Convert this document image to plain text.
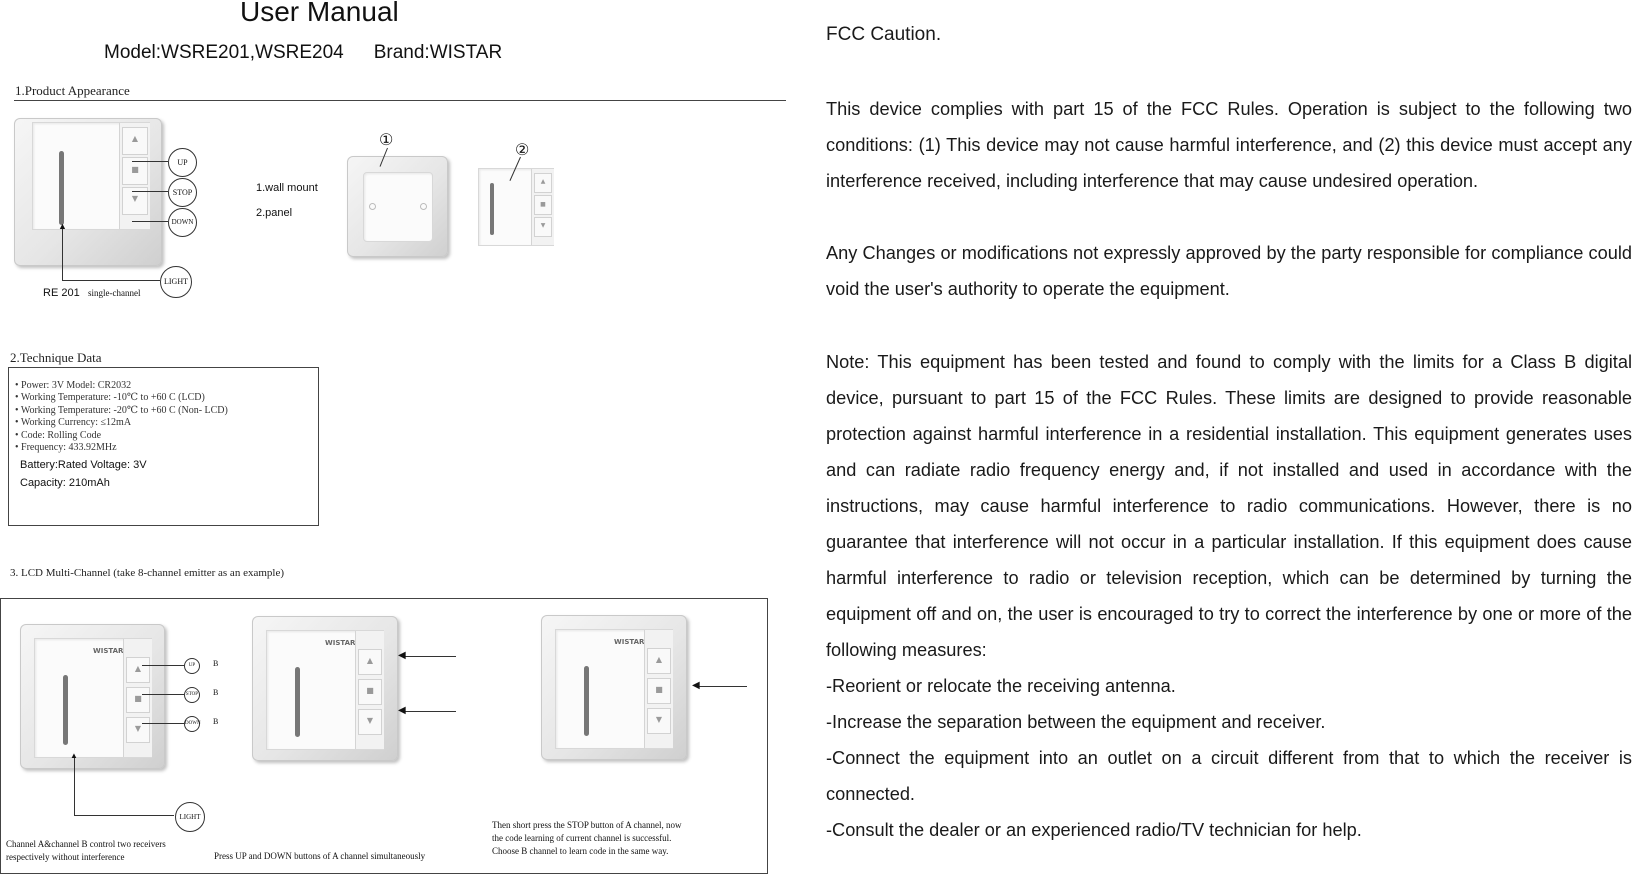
User Manual
Model:WSRE201,WSRE204 Brand:WISTAR
1.Product Appearance
▲
■
▼
▲
UP
STOP
DOWN
LIGHT
RE 201 single-channel
1.wall mount
2.panel
①
▲
■
▼
②
2.Technique Data
• Power: 3V Model: CR2032
• Working Temperature: -10℃ to +60 C (LCD)
• Working Temperature: -20℃ to +60 C (Non- LCD)
• Working Currency: ≤12mA
• Code: Rolling Code
• Frequency: 433.92MHz
Battery:Rated Voltage: 3V
Capacity: 210mAh
3. LCD Multi-Channel (take 8-channel emitter as an example)
WISTAR
▲
■
▼
UP
STOP
DOWN
B
B
B
▲
LIGHT
WISTAR
▲
■
▼
◀
◀
WISTAR
▲
■
▼
◀
Channel A&channel B control two receivers
respectively without interference	Press UP and DOWN buttons of A channel simultaneously
Then short press the STOP button of A channel, now
the code learning of current channel is successful.
Choose B channel to learn code in the same way.
FCC Caution.
This device complies with part 15 of the FCC Rules. Operation is subject to the following two conditions: (1) This device may not cause harmful interference, and (2) this device must accept any interference received, including interference that may cause undesired operation.
Any Changes or modifications not expressly approved by the party responsible for compliance could void the user's authority to operate the equipment.
Note: This equipment has been tested and found to comply with the limits for a Class B digital device, pursuant to part 15 of the FCC Rules. These limits are designed to provide reasonable protection against harmful interference in a residential installation. This equipment generates uses and can radiate radio frequency energy and, if not installed and used in accordance with the instructions, may cause harmful interference to radio communications. However, there is no guarantee that interference will not occur in a particular installation. If this equipment does cause harmful interference to radio or television reception, which can be determined by turning the equipment off and on, the user is encouraged to try to correct the interference by one or more of the following measures:
-Reorient or relocate the receiving antenna.
-Increase the separation between the equipment and receiver.
-Connect the equipment into an outlet on a circuit different from that to which the receiver is connected.
-Consult the dealer or an experienced radio/TV technician for help.
